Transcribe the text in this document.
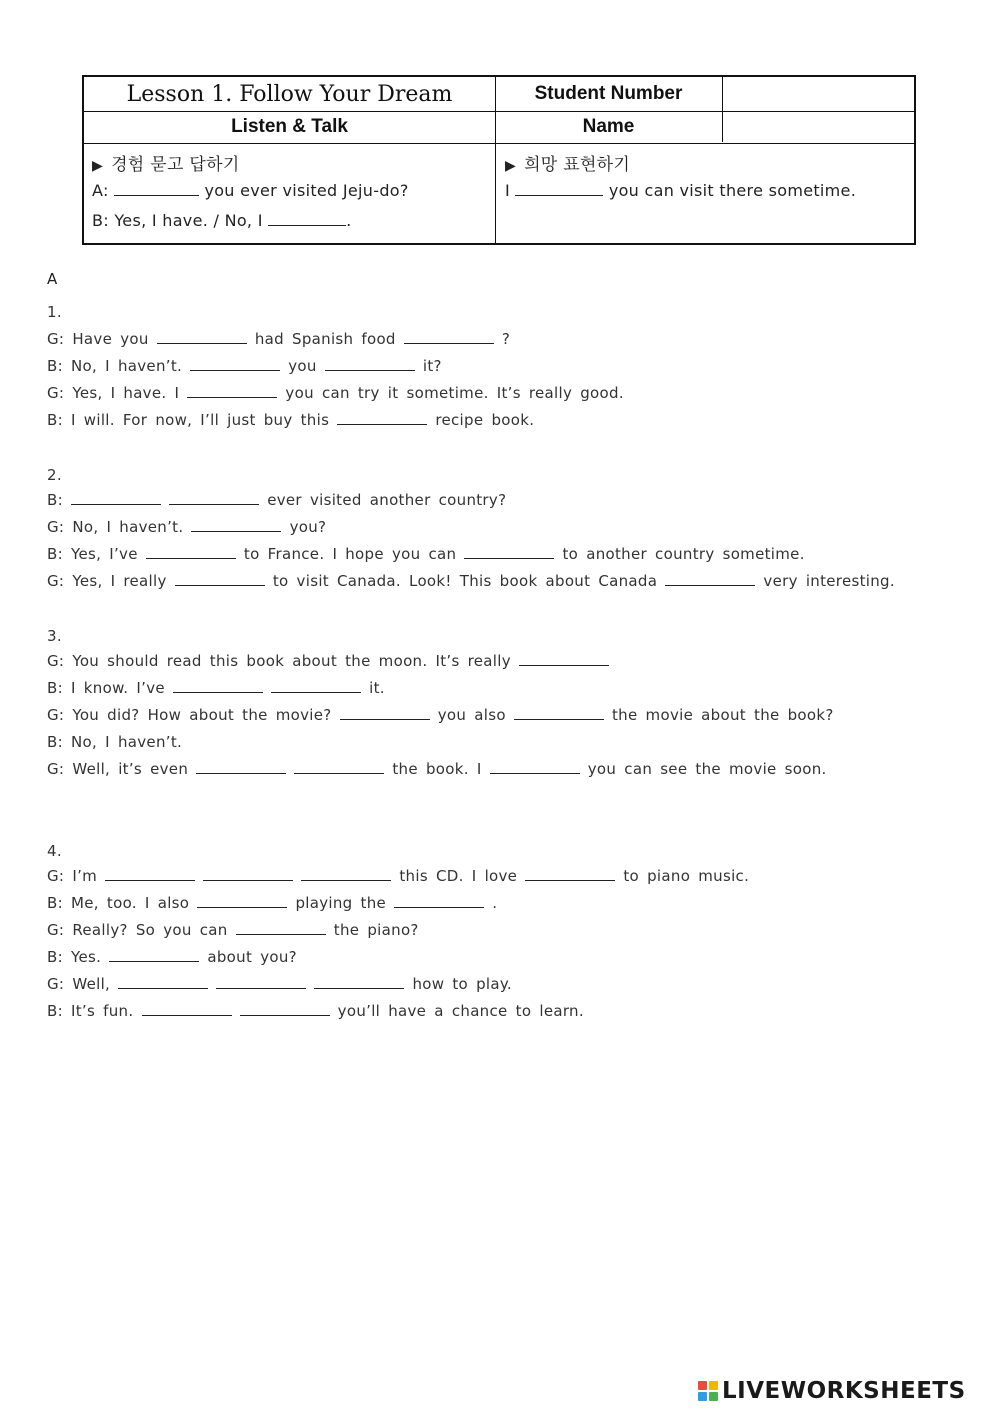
Lesson 1. Follow Your Dream	Student Number
Listen & Talk	Name
▶ 경험 묻고 답하기
A:	you ever visited Jeju-do?
B: Yes, I have. / No, I	.
▶ 희망 표현하기
I	you can visit there sometime.
A
1.
G: Have you	had Spanish food	?
B: No, I haven’t.	you	it?
G: Yes, I have. I	you can try it sometime. It’s really good.
B: I will. For now, I’ll just buy this	recipe book.
2.
B:	ever visited another country?
G: No, I haven’t.	you?
B: Yes, I’ve	to France. I hope you can	to another country sometime.
G: Yes, I really	to visit Canada. Look! This book about Canada	very interesting.
3.
G: You should read this book about the moon. It’s really
B: I know. I’ve	it.
G: You did? How about the movie?	you also	the movie about the book?
B: No, I haven’t.
G: Well, it’s even	the book. I	you can see the movie soon.
4.
G: I’m	this CD. I love	to piano music.
B: Me, too. I also	playing the	.
G: Really? So you can	the piano?
B: Yes.	about you?
G: Well,	how to play.
B: It’s fun.	you’ll have a chance to learn.
LIVEWORKSHEETS
